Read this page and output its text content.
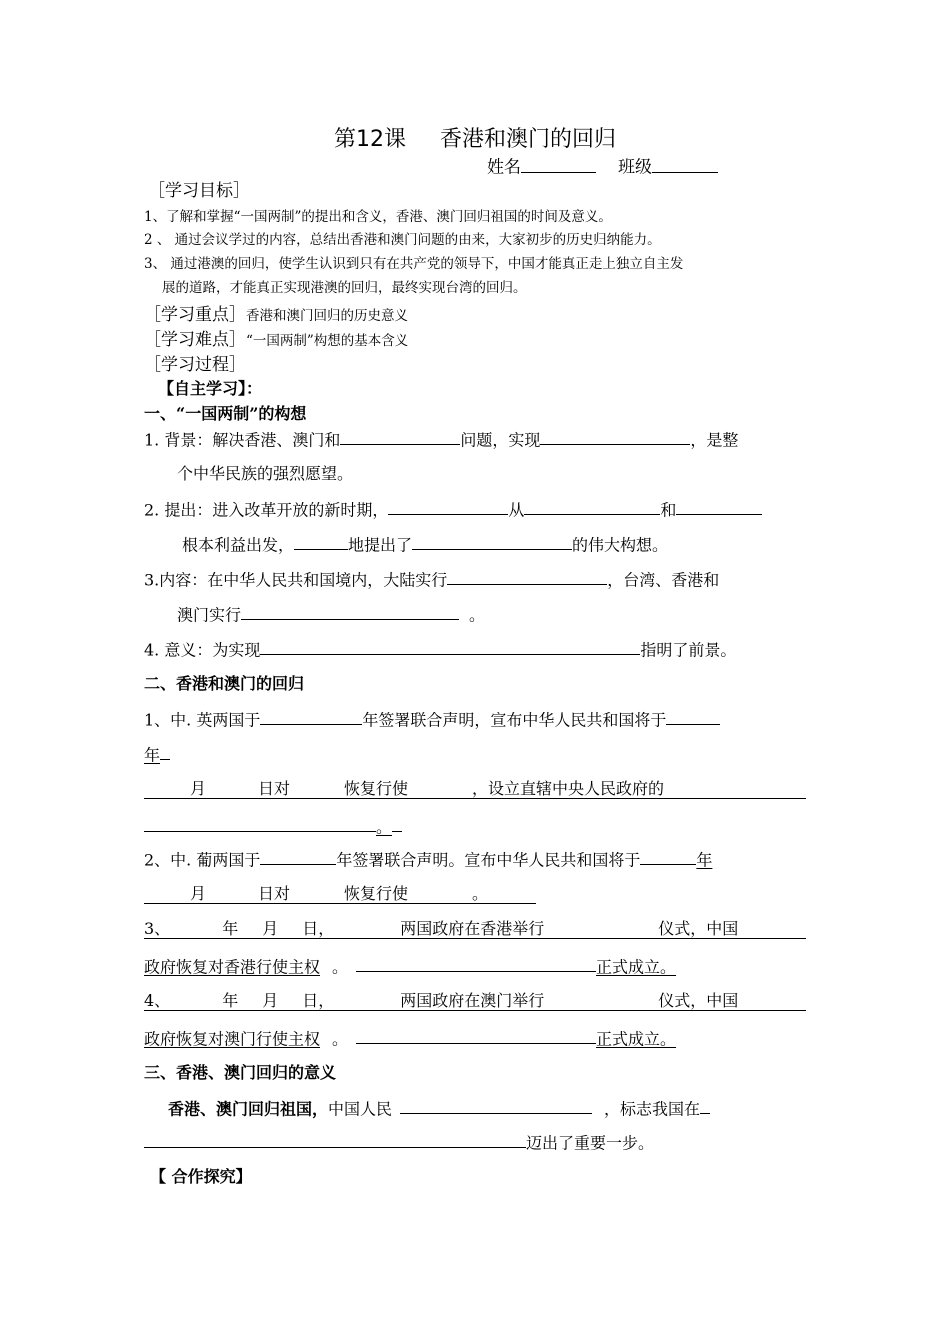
第12课 香港和澳门的回归
姓名	班级
［学习目标］
1、了解和掌握“一国两制”的提出和含义，香港、澳门回归祖国的时间及意义。
2 、 通过会议学过的内容，总结出香港和澳门问题的由来，大家初步的历史归纳能力。
3、 通过港澳的回归，使学生认识到只有在共产党的领导下，中国才能真正走上独立自主发
展的道路，才能真正实现港澳的回归，最终实现台湾的回归。
［学习重点］香港和澳门回归的历史意义
［学习难点］“一国两制”构想的基本含义
［学习过程］
【自主学习】：
一、“一国两制”的构想
1. 背景：解决香港、澳门和	问题，实现	，是整
个中华民族的强烈愿望。
2. 提出：进入改革开放的新时期，	从	和
根本利益出发，	地提出了	的伟大构想。
3.内容：在中华人民共和国境内，大陆实行	，台湾、香港和
澳门实行	。
4. 意义：为实现	指明了前景。
二、香港和澳门的回归
1、中. 英两国于	年签署联合声明，宣布中华人民共和国将于
年
月	日对	恢复行使	，设立直辖中央人民政府的
。
2、中. 葡两国于	年签署联合声明。宣布中华人民共和国将于	年
月	日对	恢复行使	。
3、	年 月 日，	两国政府在香港举行	仪式，中国
政府恢复对香港行使主权 。	正式成立。
4、	年 月 日，	两国政府在澳门举行	仪式，中国
政府恢复对澳门行使主权 。	正式成立。
三、香港、澳门回归的意义
香港、澳门回归祖国，中国人民	，标志我国在
迈出了重要一步。
【 合作探究】
